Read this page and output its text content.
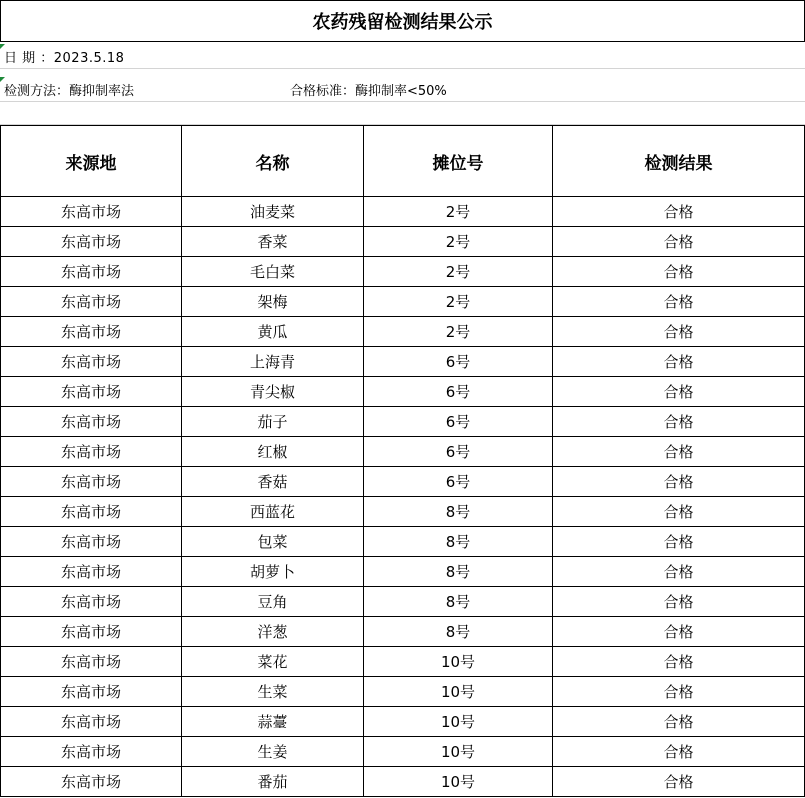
农药残留检测结果公示
日 期 ：2023.5.18
检测方法：酶抑制率法	合格标准：酶抑制率<50%
来源地	名称	摊位号	检测结果
东高市场	油麦菜	2号	合格
东高市场	香菜	2号	合格
东高市场	毛白菜	2号	合格
东高市场	架梅	2号	合格
东高市场	黄瓜	2号	合格
东高市场	上海青	6号	合格
东高市场	青尖椒	6号	合格
东高市场	茄子	6号	合格
东高市场	红椒	6号	合格
东高市场	香菇	6号	合格
东高市场	西蓝花	8号	合格
东高市场	包菜	8号	合格
东高市场	胡萝卜	8号	合格
东高市场	豆角	8号	合格
东高市场	洋葱	8号	合格
东高市场	菜花	10号	合格
东高市场	生菜	10号	合格
东高市场	蒜薹	10号	合格
东高市场	生姜	10号	合格
东高市场	番茄	10号	合格
